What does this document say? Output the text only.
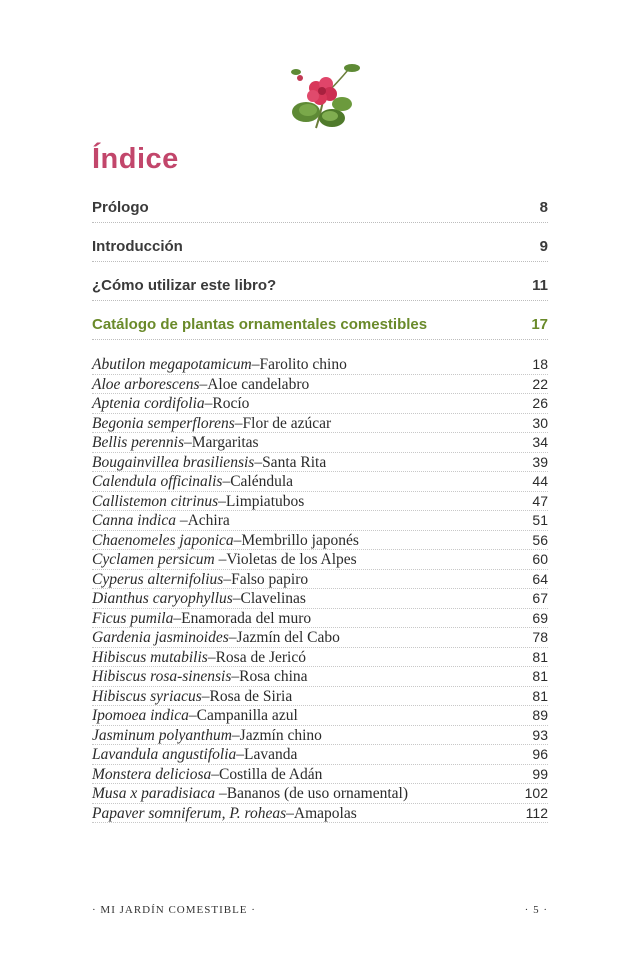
Índice
Prólogo	8
Introducción	9
¿Cómo utilizar este libro?	11
Catálogo de plantas ornamentales comestibles	17
Abutilon megapotamicum–Farolito chino	18
Aloe arborescens–Aloe candelabro	22
Aptenia cordifolia–Rocío	26
Begonia semperflorens–Flor de azúcar	30
Bellis perennis–Margaritas	34
Bougainvillea brasiliensis–Santa Rita	39
Calendula officinalis–Caléndula	44
Callistemon citrinus–Limpiatubos	47
Canna indica –Achira	51
Chaenomeles japonica–Membrillo japonés	56
Cyclamen persicum –Violetas de los Alpes	60
Cyperus alternifolius–Falso papiro	64
Dianthus caryophyllus–Clavelinas	67
Ficus pumila–Enamorada del muro	69
Gardenia jasminoides–Jazmín del Cabo	78
Hibiscus mutabilis–Rosa de Jericó	81
Hibiscus rosa-sinensis–Rosa china	81
Hibiscus syriacus–Rosa de Siria	81
Ipomoea indica–Campanilla azul	89
Jasminum polyanthum–Jazmín chino	93
Lavandula angustifolia–Lavanda	96
Monstera deliciosa–Costilla de Adán	99
Musa x paradisiaca –Bananos (de uso ornamental)	102
Papaver somniferum, P. roheas–Amapolas	112
· MI JARDÍN COMESTIBLE ·	· 5 ·
